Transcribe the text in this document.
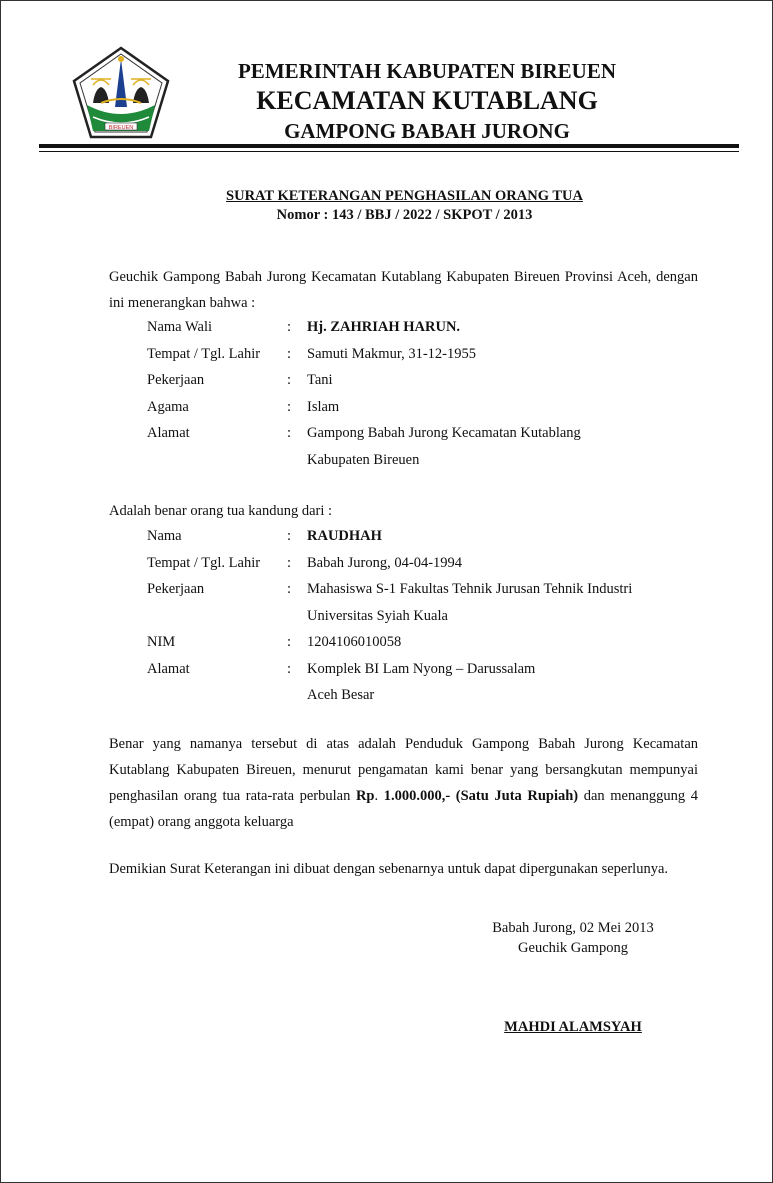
BIREUEN
PEMERINTAH KABUPATEN BIREUEN
KECAMATAN KUTABLANG
GAMPONG BABAH JURONG
SURAT KETERANGAN PENGHASILAN ORANG TUA
Nomor : 143 / BBJ / 2022 / SKPOT / 2013

Geuchik Gampong Babah Jurong Kecamatan Kutablang Kabupaten Bireuen Provinsi Aceh, dengan ini menerangkan bahwa :

Nama Wali	:	Hj. ZAHRIAH HARUN.
Tempat / Tgl. Lahir	:	Samuti Makmur, 31-12-1955
Pekerjaan	:	Tani
Agama	:	Islam
Alamat	:	Gampong Babah Jurong Kecamatan Kutablang
Kabupaten Bireuen

Adalah benar orang tua kandung dari :

Nama	:	RAUDHAH
Tempat / Tgl. Lahir	:	Babah Jurong, 04-04-1994
Pekerjaan	:	Mahasiswa S-1 Fakultas Tehnik Jurusan Tehnik Industri
Universitas Syiah Kuala
NIM	:	1204106010058
Alamat	:	Komplek BI Lam Nyong – Darussalam
Aceh Besar

Benar yang namanya tersebut di atas adalah Penduduk Gampong Babah Jurong Kecamatan Kutablang Kabupaten Bireuen, menurut pengamatan kami benar yang bersangkutan mempunyai penghasilan orang tua rata-rata perbulan Rp. 1.000.000,- (Satu Juta Rupiah) dan menanggung 4 (empat) orang anggota keluarga

Demikian Surat Keterangan ini dibuat dengan sebenarnya untuk dapat dipergunakan seperlunya.

Babah Jurong, 02 Mei 2013
Geuchik Gampong
MAHDI ALAMSYAH
